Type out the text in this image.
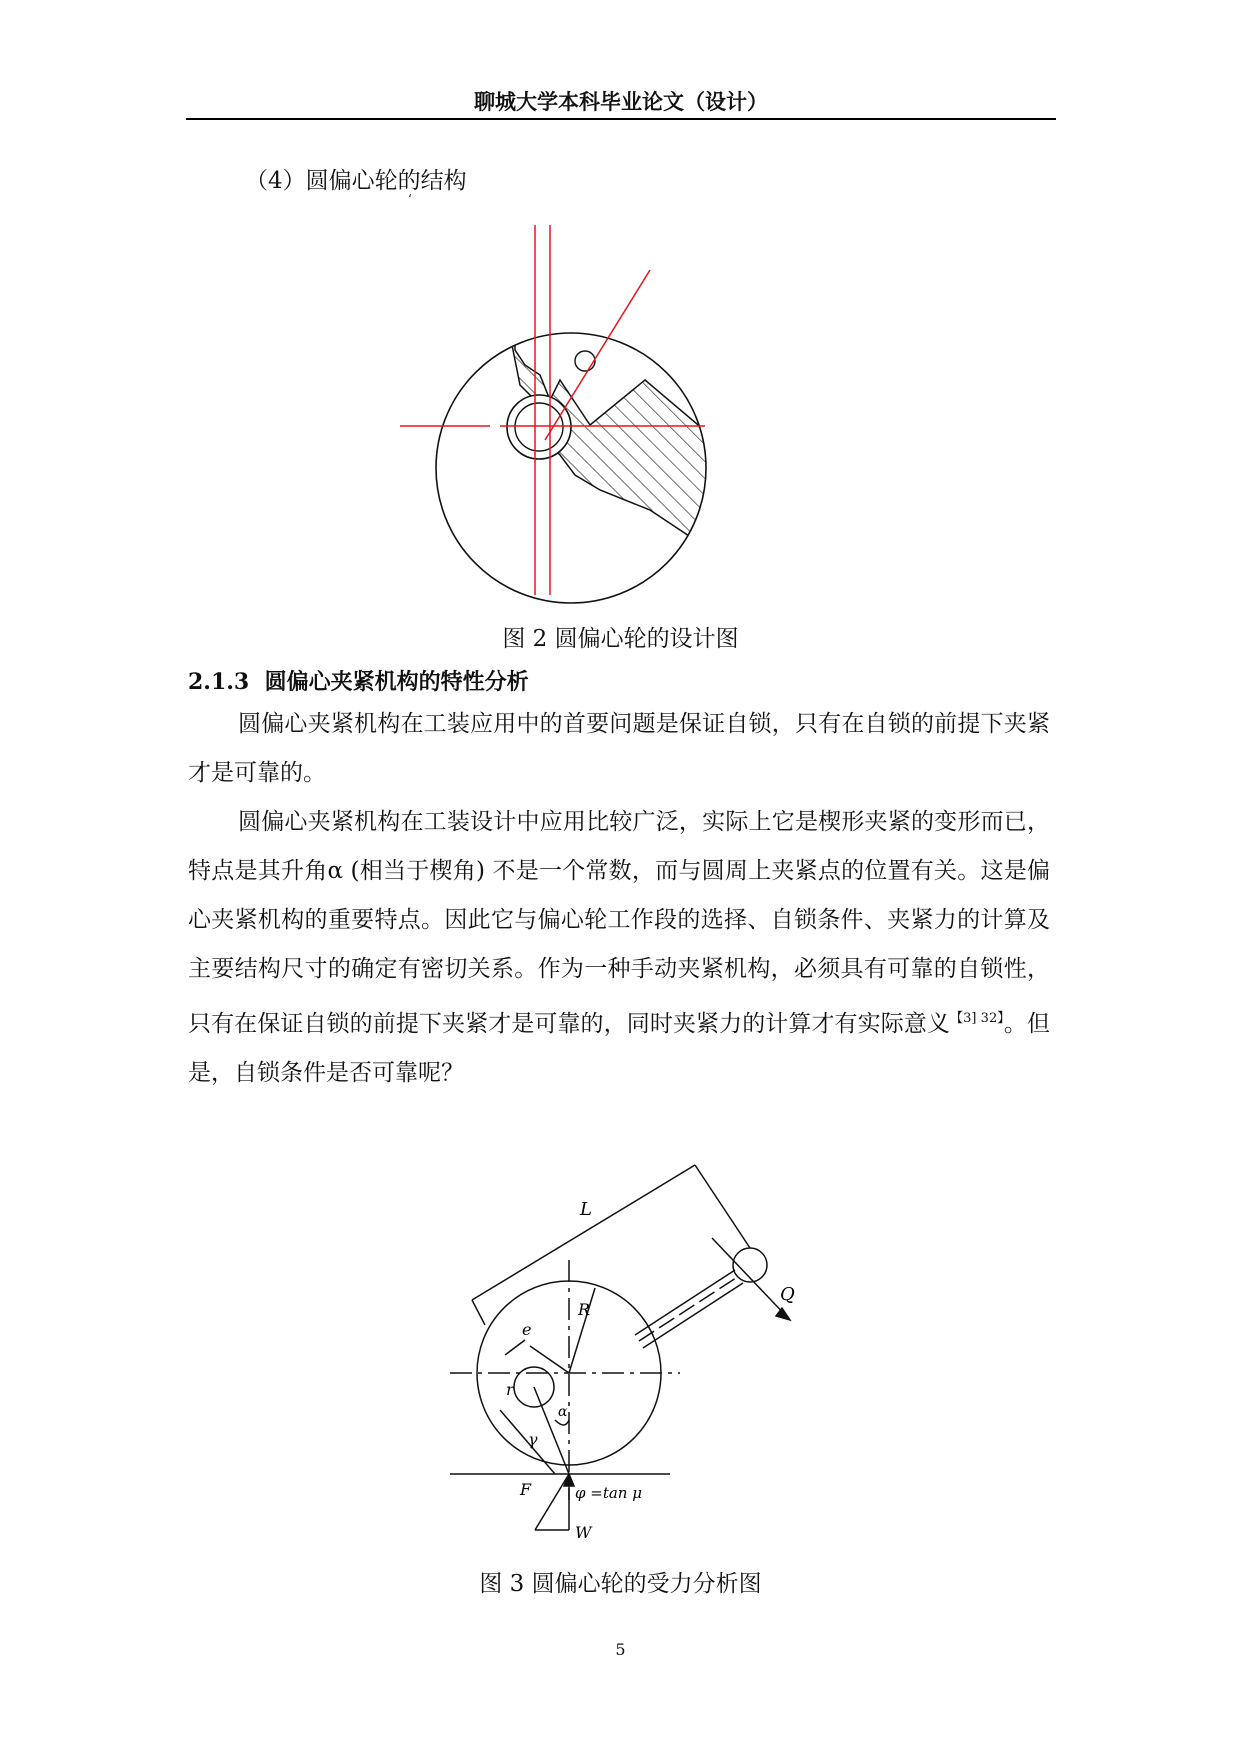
聊城大学本科毕业论文（设计）
（4）圆偏心轮的结构
ʻ
图 2 圆偏心轮的设计图
2.1.3 圆偏心夹紧机构的特性分析
圆偏心夹紧机构在工装应用中的首要问题是保证自锁，只有在自锁的前提下夹紧才是可靠的。
圆偏心夹紧机构在工装设计中应用比较广泛，实际上它是楔形夹紧的变形而已，特点是其升角α (相当于楔角) 不是一个常数，而与圆周上夹紧点的位置有关。这是偏心夹紧机构的重要特点。因此它与偏心轮工作段的选择、自锁条件、夹紧力的计算及主要结构尺寸的确定有密切关系。作为一种手动夹紧机构，必须具有可靠的自锁性，只有在保证自锁的前提下夹紧才是可靠的，同时夹紧力的计算才有实际意义$^{【3] 32】}$。但是，自锁条件是否可靠呢？
L
Q
R
e
r
α
γ
F
W
φ =tan μ
图 3 圆偏心轮的受力分析图
5
